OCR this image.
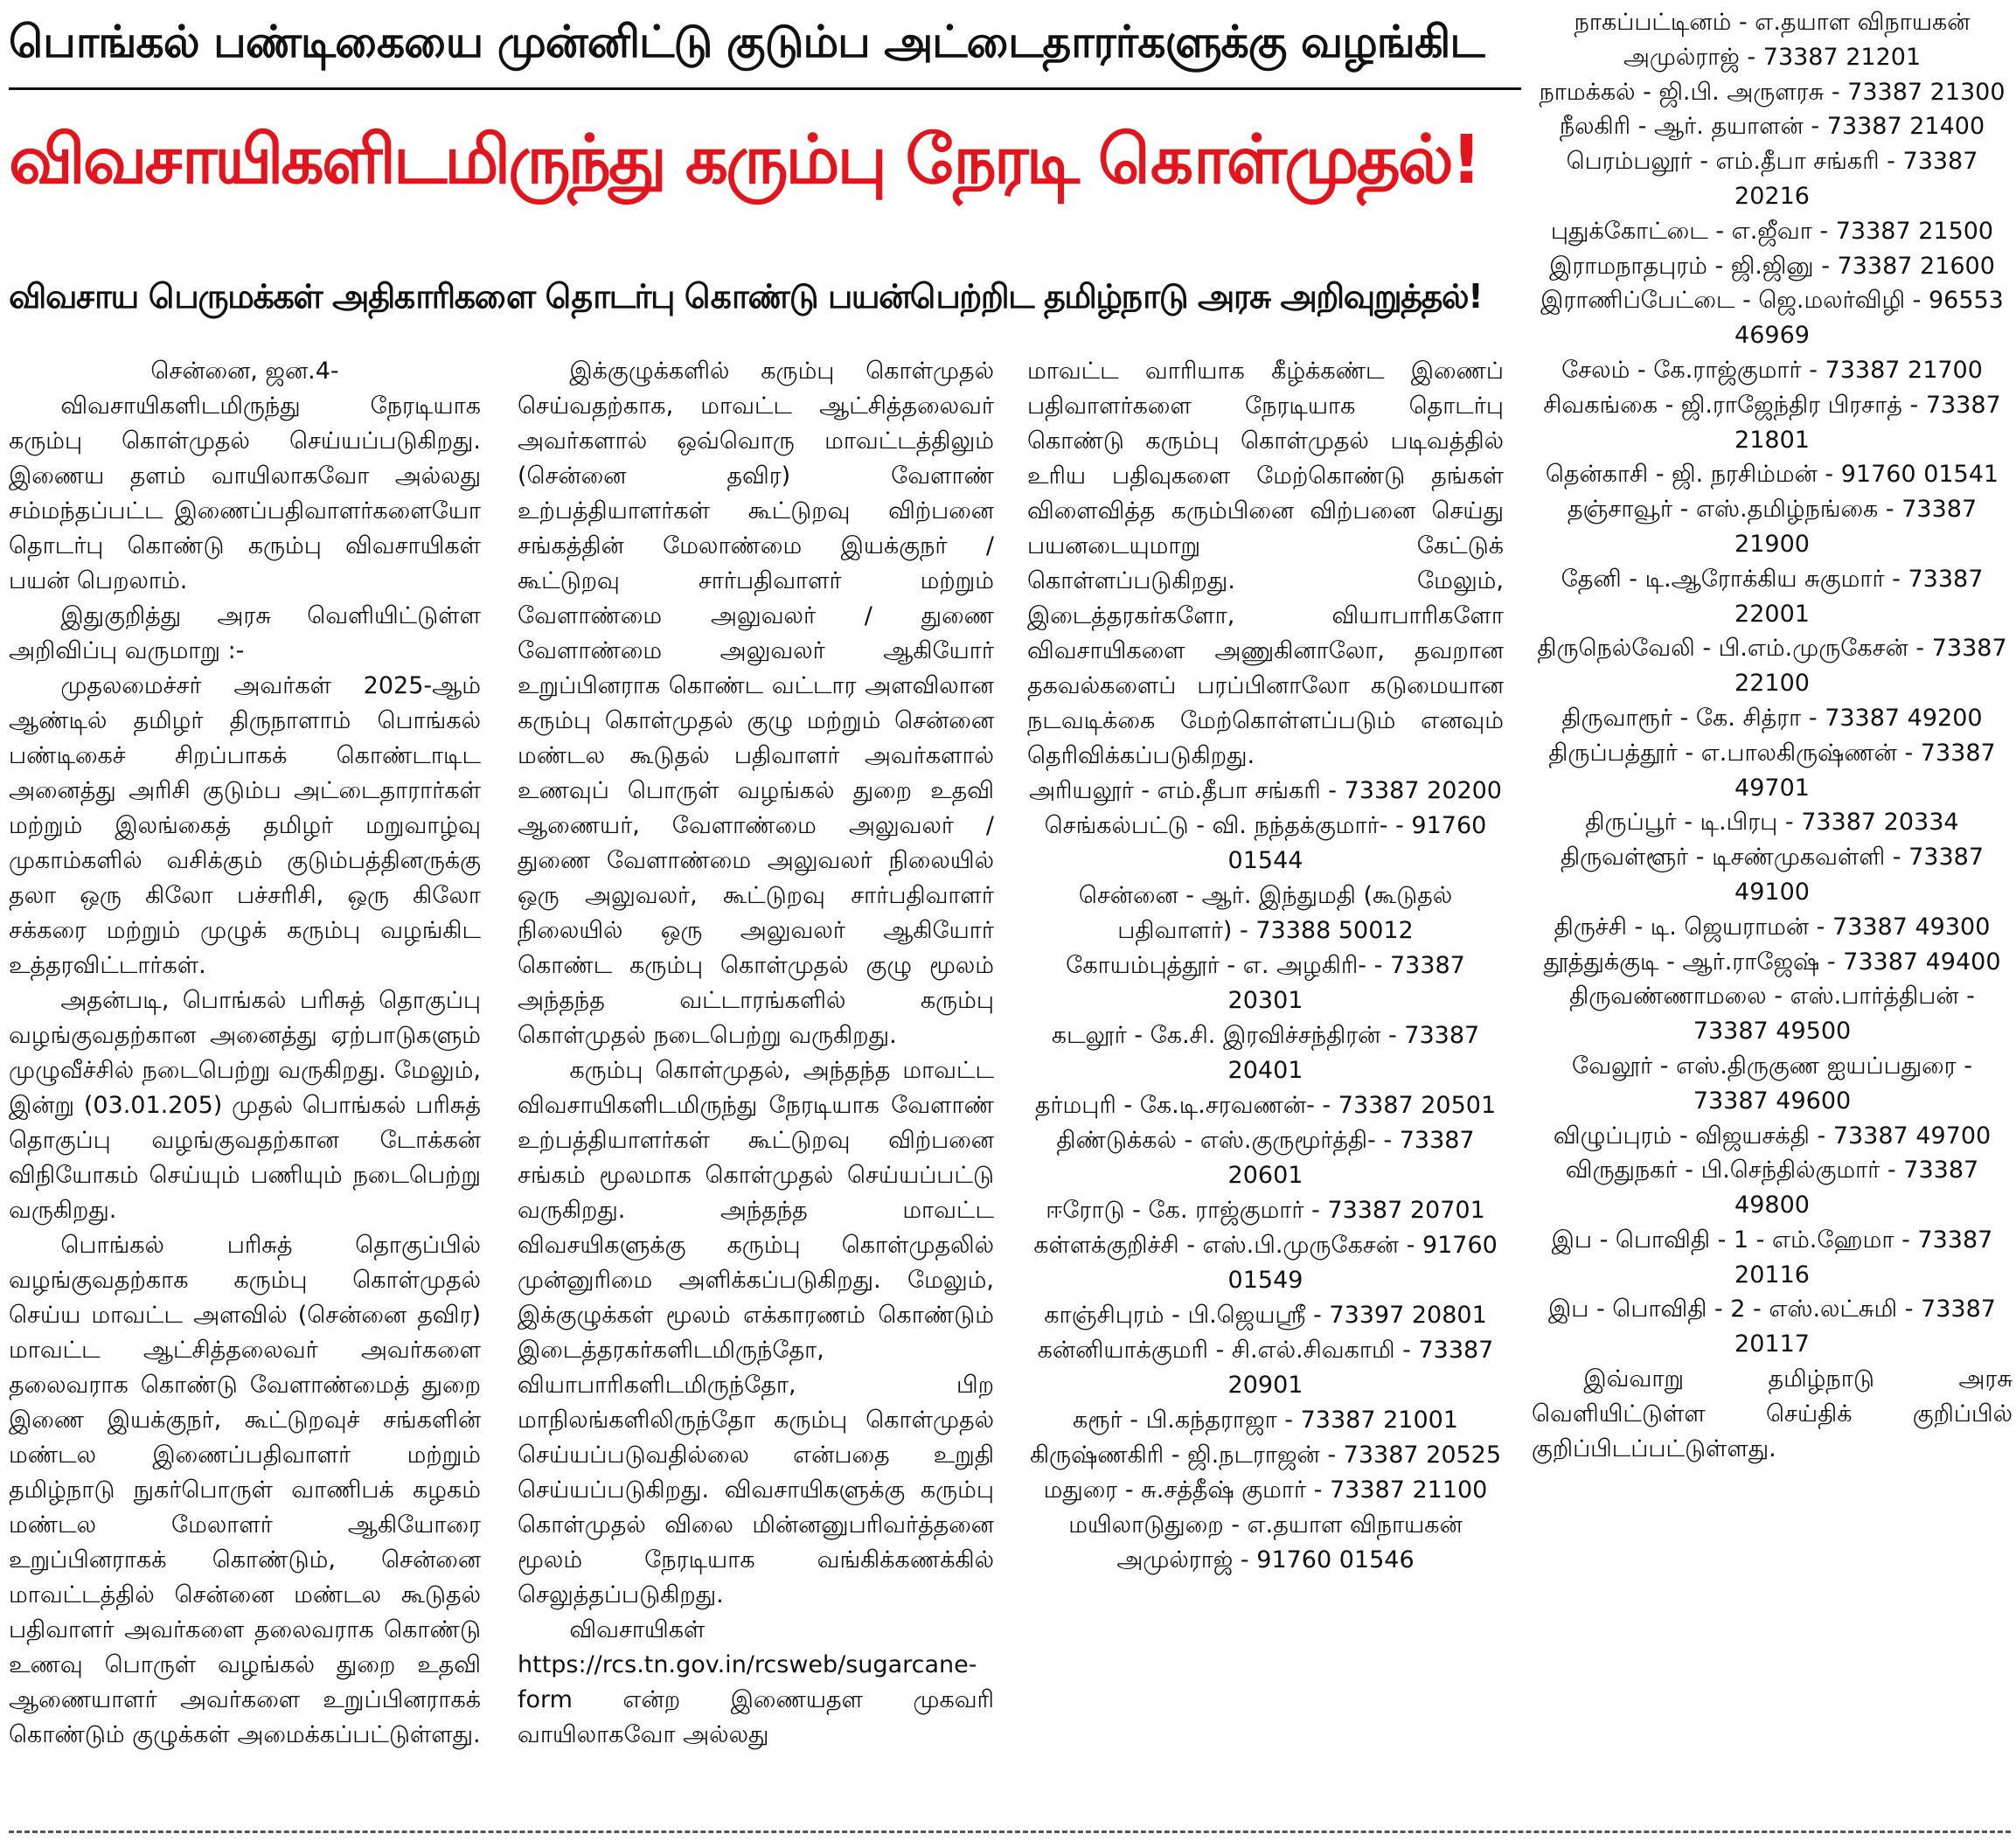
பொங்கல் பண்டிகையை முன்னிட்டு குடும்ப அட்டைதாரர்களுக்கு வழங்கிட
விவசாயிகளிடமிருந்து கரும்பு நேரடி கொள்முதல்!
விவசாய பெருமக்கள் அதிகாரிகளை தொடர்பு கொண்டு பயன்பெற்றிட தமிழ்நாடு அரசு அறிவுறுத்தல்!

சென்னை, ஜன.4-

விவசாயிகளிடமிருந்து நேரடியாக கரும்பு கொள்முதல் செய்யப்படுகிறது. இணைய தளம் வாயிலாகவோ அல்லது சம்மந்தப்பட்ட இணைப்பதிவாளர்களையோ தொடர்பு கொண்டு கரும்பு விவசாயிகள் பயன் பெறலாம்.

இதுகுறித்து அரசு வெளியிட்டுள்ள அறிவிப்பு வருமாறு :-

முதலமைச்சர் அவர்கள் 2025-ஆம் ஆண்டில் தமிழர் திருநாளாம் பொங்கல் பண்டிகைச் சிறப்பாகக் கொண்டாடிட அனைத்து அரிசி குடும்ப அட்டைதாரார்கள் மற்றும் இலங்கைத் தமிழர் மறுவாழ்வு முகாம்களில் வசிக்கும் குடும்பத்தினருக்கு தலா ஒரு கிலோ பச்சரிசி, ஒரு கிலோ சக்கரை மற்றும் முழுக் கரும்பு வழங்கிட உத்தரவிட்டார்கள்.

அதன்படி, பொங்கல் பரிசுத் தொகுப்பு வழங்குவதற்கான அனைத்து ஏற்பாடுகளும் முழுவீச்சில் நடைபெற்று வருகிறது. மேலும், இன்று (03.01.205) முதல் பொங்கல் பரிசுத் தொகுப்பு வழங்குவதற்கான டோக்கன் விநியோகம் செய்யும் பணியும் நடைபெற்று வருகிறது.

பொங்கல் பரிசுத் தொகுப்பில் வழங்குவதற்காக கரும்பு கொள்முதல் செய்ய மாவட்ட அளவில் (சென்னை தவிர) மாவட்ட ஆட்சித்தலைவர் அவர்களை தலைவராக கொண்டு வேளாண்மைத் துறை இணை இயக்குநர், கூட்டுறவுச் சங்களின் மண்டல இணைப்பதிவாளர் மற்றும் தமிழ்நாடு நுகர்பொருள் வாணிபக் கழகம் மண்டல மேலாளர் ஆகியோரை உறுப்பினராகக் கொண்டும், சென்னை மாவட்டத்தில் சென்னை மண்டல கூடுதல் பதிவாளர் அவர்களை தலைவராக கொண்டு உணவு பொருள் வழங்கல் துறை உதவி ஆணையாளர் அவர்களை உறுப்பினராகக் கொண்டும் குழுக்கள் அமைக்கப்பட்டுள்ளது.

இக்குழுக்களில் கரும்பு கொள்முதல் செய்வதற்காக, மாவட்ட ஆட்சித்தலைவர் அவர்களால் ஒவ்வொரு மாவட்டத்திலும் (சென்னை தவிர) வேளாண் உற்பத்தியாளர்கள் கூட்டுறவு விற்பனை சங்கத்தின் மேலாண்மை இயக்குநர் / கூட்டுறவு சார்பதிவாளர் மற்றும் வேளாண்மை அலுவலர் / துணை வேளாண்மை அலுவலர் ஆகியோர் உறுப்பினராக கொண்ட வட்டார அளவிலான கரும்பு கொள்முதல் குழு மற்றும் சென்னை மண்டல கூடுதல் பதிவாளர் அவர்களால் உணவுப் பொருள் வழங்கல் துறை உதவி ஆணையர், வேளாண்மை அலுவலர் / துணை வேளாண்மை அலுவலர் நிலையில் ஒரு அலுவலர், கூட்டுறவு சார்பதிவாளர் நிலையில் ஒரு அலுவலர் ஆகியோர் கொண்ட கரும்பு கொள்முதல் குழு மூலம் அந்தந்த வட்டாரங்களில் கரும்பு கொள்முதல் நடைபெற்று வருகிறது.

கரும்பு கொள்முதல், அந்தந்த மாவட்ட விவசாயிகளிடமிருந்து நேரடியாக வேளாண் உற்பத்தியாளர்கள் கூட்டுறவு விற்பனை சங்கம் மூலமாக கொள்முதல் செய்யப்பட்டு வருகிறது. அந்தந்த மாவட்ட விவசயிகளுக்கு கரும்பு கொள்முதலில் முன்னுரிமை அளிக்கப்படுகிறது. மேலும், இக்குழுக்கள் மூலம் எக்காரணம் கொண்டும் இடைத்தரகர்களிடமிருந்தோ, வியாபாரிகளிடமிருந்தோ, பிற மாநிலங்களிலிருந்தோ கரும்பு கொள்முதல் செய்யப்படுவதில்லை என்பதை உறுதி செய்யப்படுகிறது. விவசாயிகளுக்கு கரும்பு கொள்முதல் விலை மின்னனுபரிவர்த்தனை மூலம் நேரடியாக வங்கிக்கணக்கில் செலுத்தப்படுகிறது.

விவசாயிகள் https://rcs.tn.gov.in/rcsweb/sugarcane-form என்ற இணையதள முகவரி வாயிலாகவோ அல்லது

மாவட்ட வாரியாக கீழ்க்கண்ட இணைப் பதிவாளர்களை நேரடியாக தொடர்பு கொண்டு கரும்பு கொள்முதல் படிவத்தில் உரிய பதிவுகளை மேற்கொண்டு தங்கள் விளைவித்த கரும்பினை விற்பனை செய்து பயனடையுமாறு கேட்டுக் கொள்ளப்படுகிறது. மேலும், இடைத்தரகர்களோ, வியாபாரிகளோ விவசாயிகளை அணுகினாலோ, தவறான தகவல்களைப் பரப்பினாலோ கடுமையான நடவடிக்கை மேற்கொள்ளப்படும் எனவும் தெரிவிக்கப்படுகிறது.

அரியலூர் - எம்.தீபா சங்கரி - 73387 20200

செங்கல்பட்டு - வி. நந்தக்குமார்- - 91760 01544

சென்னை - ஆர். இந்துமதி (கூடுதல் பதிவாளர்) - 73388 50012

கோயம்புத்தூர் - எ. அழகிரி- - 73387 20301

கடலூர் - கே.சி. இரவிச்சந்திரன் - 73387 20401

தர்மபுரி - கே.டி.சரவணன்- - 73387 20501

திண்டுக்கல் - எஸ்.குருமூர்த்தி- - 73387 20601

ஈரோடு - கே. ராஜ்குமார் - 73387 20701

கள்ளக்குறிச்சி - எஸ்.பி.முருகேசன் - 91760 01549

காஞ்சிபுரம் - பி.ஜெயஸ்ரீ - 73397 20801

கன்னியாக்குமரி - சி.எல்.சிவகாமி - 73387 20901

கரூர் - பி.கந்தராஜா - 73387 21001

கிருஷ்ணகிரி - ஜி.நடராஜன் - 73387 20525

மதுரை - சு.சத்தீஷ் குமார் - 73387 21100

மயிலாடுதுறை - எ.தயாள விநாயகன் அமுல்ராஜ் - 91760 01546

நாகப்பட்டினம் - எ.தயாள விநாயகன் அமுல்ராஜ் - 73387 21201

நாமக்கல் - ஜி.பி. அருளரசு - 73387 21300

நீலகிரி - ஆர். தயாளன் - 73387 21400

பெரம்பலூர் - எம்.தீபா சங்கரி - 73387 20216

புதுக்கோட்டை - எ.ஜீவா - 73387 21500

இராமநாதபுரம் - ஜி.ஜினு - 73387 21600

இராணிப்பேட்டை - ஜெ.மலர்விழி - 96553 46969

சேலம் - கே.ராஜ்குமார் - 73387 21700

சிவகங்கை - ஜி.ராஜேந்திர பிரசாத் - 73387 21801

தென்காசி - ஜி. நரசிம்மன் - 91760 01541

தஞ்சாவூர் - எஸ்.தமிழ்நங்கை - 73387 21900

தேனி - டி.ஆரோக்கிய சுகுமார் - 73387 22001

திருநெல்வேலி - பி.எம்.முருகேசன் - 73387 22100

திருவாரூர் - கே. சித்ரா - 73387 49200

திருப்பத்தூர் - எ.பாலகிருஷ்ணன் - 73387 49701

திருப்பூர் - டி.பிரபு - 73387 20334

திருவள்ளூர் - டிசண்முகவள்ளி - 73387 49100

திருச்சி - டி. ஜெயராமன் - 73387 49300

தூத்துக்குடி - ஆர்.ராஜேஷ் - 73387 49400

திருவண்ணாமலை - எஸ்.பார்த்திபன் - 73387 49500

வேலூர் - எஸ்.திருகுண ஐயப்பதுரை - 73387 49600

விழுப்புரம் - விஜயசக்தி - 73387 49700

விருதுநகர் - பி.செந்தில்குமார் - 73387 49800

இப - பொவிதி - 1 - எம்.ஹேமா - 73387 20116

இப - பொவிதி - 2 - எஸ்.லட்சுமி - 73387 20117

இவ்வாறு தமிழ்நாடு அரசு வெளியிட்டுள்ள செய்திக் குறிப்பில் குறிப்பிடப்பட்டுள்ளது.
